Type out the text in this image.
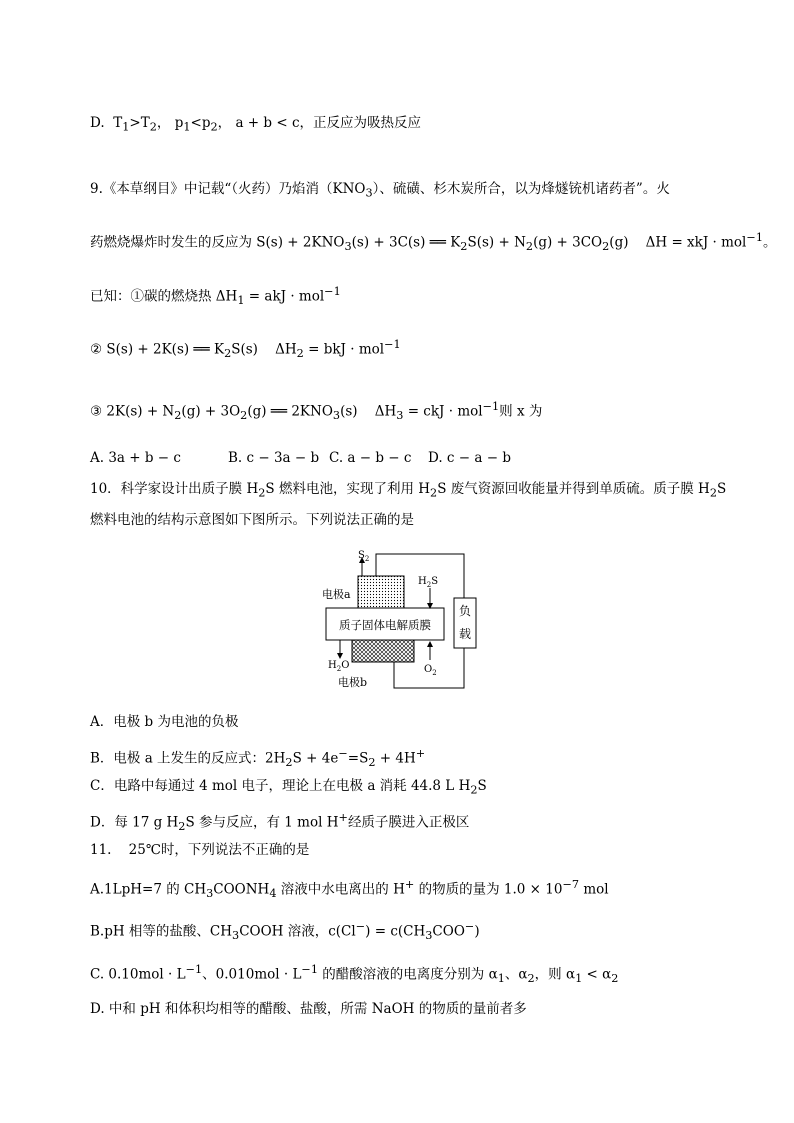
D. $T_1>T_2$， $p_1<p_2$， a + b < c，正反应为吸热反应
9.《本草纲目》中记载“（火药）乃焰消$(KNO_3)$、硫磺、杉木炭所合，以为烽燧铳机诸药者”。火
药燃烧爆炸时发生的反应为 $S(s) + 2KNO_3(s) + 3C(s)$ ══ $K_2S(s) + N_2(g) + 3CO_2(g)$    ΔH = xkJ · mol$^{-1}$。
已知：①碳的燃烧热 $\Delta H_1$ = akJ · mol$^{-1}$
② S(s) + 2K(s) ══ $K_2S(s)$    $\Delta H_2$ = bkJ · mol$^{-1}$
③ $2K(s) + N_2(g) + 3O_2(g)$ ══ $2KNO_3(s)$    $\Delta H_3$ = ckJ · mol$^{-1}$则 x 为
A. 3a + b − c	B. c − 3a − b C. a − b − c D. c − a − b
10．科学家设计出质子膜 $H_2S$ 燃料电池，实现了利用 $H_2S$ 废气资源回收能量并得到单质硫。质子膜 $H_2S$
燃料电池的结构示意图如下图所示。下列说法正确的是
负
载
质子固体电解质膜
$S_2$
$H_2S$
电极a
$H_2O$	$O_2$
电极b
A．电极 b 为电池的负极
B．电极 a 上发生的反应式：$2H_2S + 4e^-=S_2 + 4H^+$
C．电路中每通过 4 mol 电子，理论上在电极 a 消耗 44.8 L $H_2S$
D．每 17 g $H_2S$ 参与反应，有 1 mol H+经质子膜进入正极区
11.    25℃时，下列说法不正确的是
A.1LpH=7 的 $CH_3COONH_4$ 溶液中水电离出的 H+ 的物质的量为 $1.0 \times 10^{-7}$ mol
B.pH 相等的盐酸、$CH_3COOH$ 溶液，$c(Cl^-) = c(CH_3COO^-)$
C. $0.10mol \cdot L^{-1}$、$0.010mol \cdot L^{-1}$ 的醋酸溶液的电离度分别为 $\alpha_1$、$\alpha_2$，则 $\alpha_1 < \alpha_2$
D. 中和 pH 和体积均相等的醋酸、盐酸，所需 NaOH 的物质的量前者多
